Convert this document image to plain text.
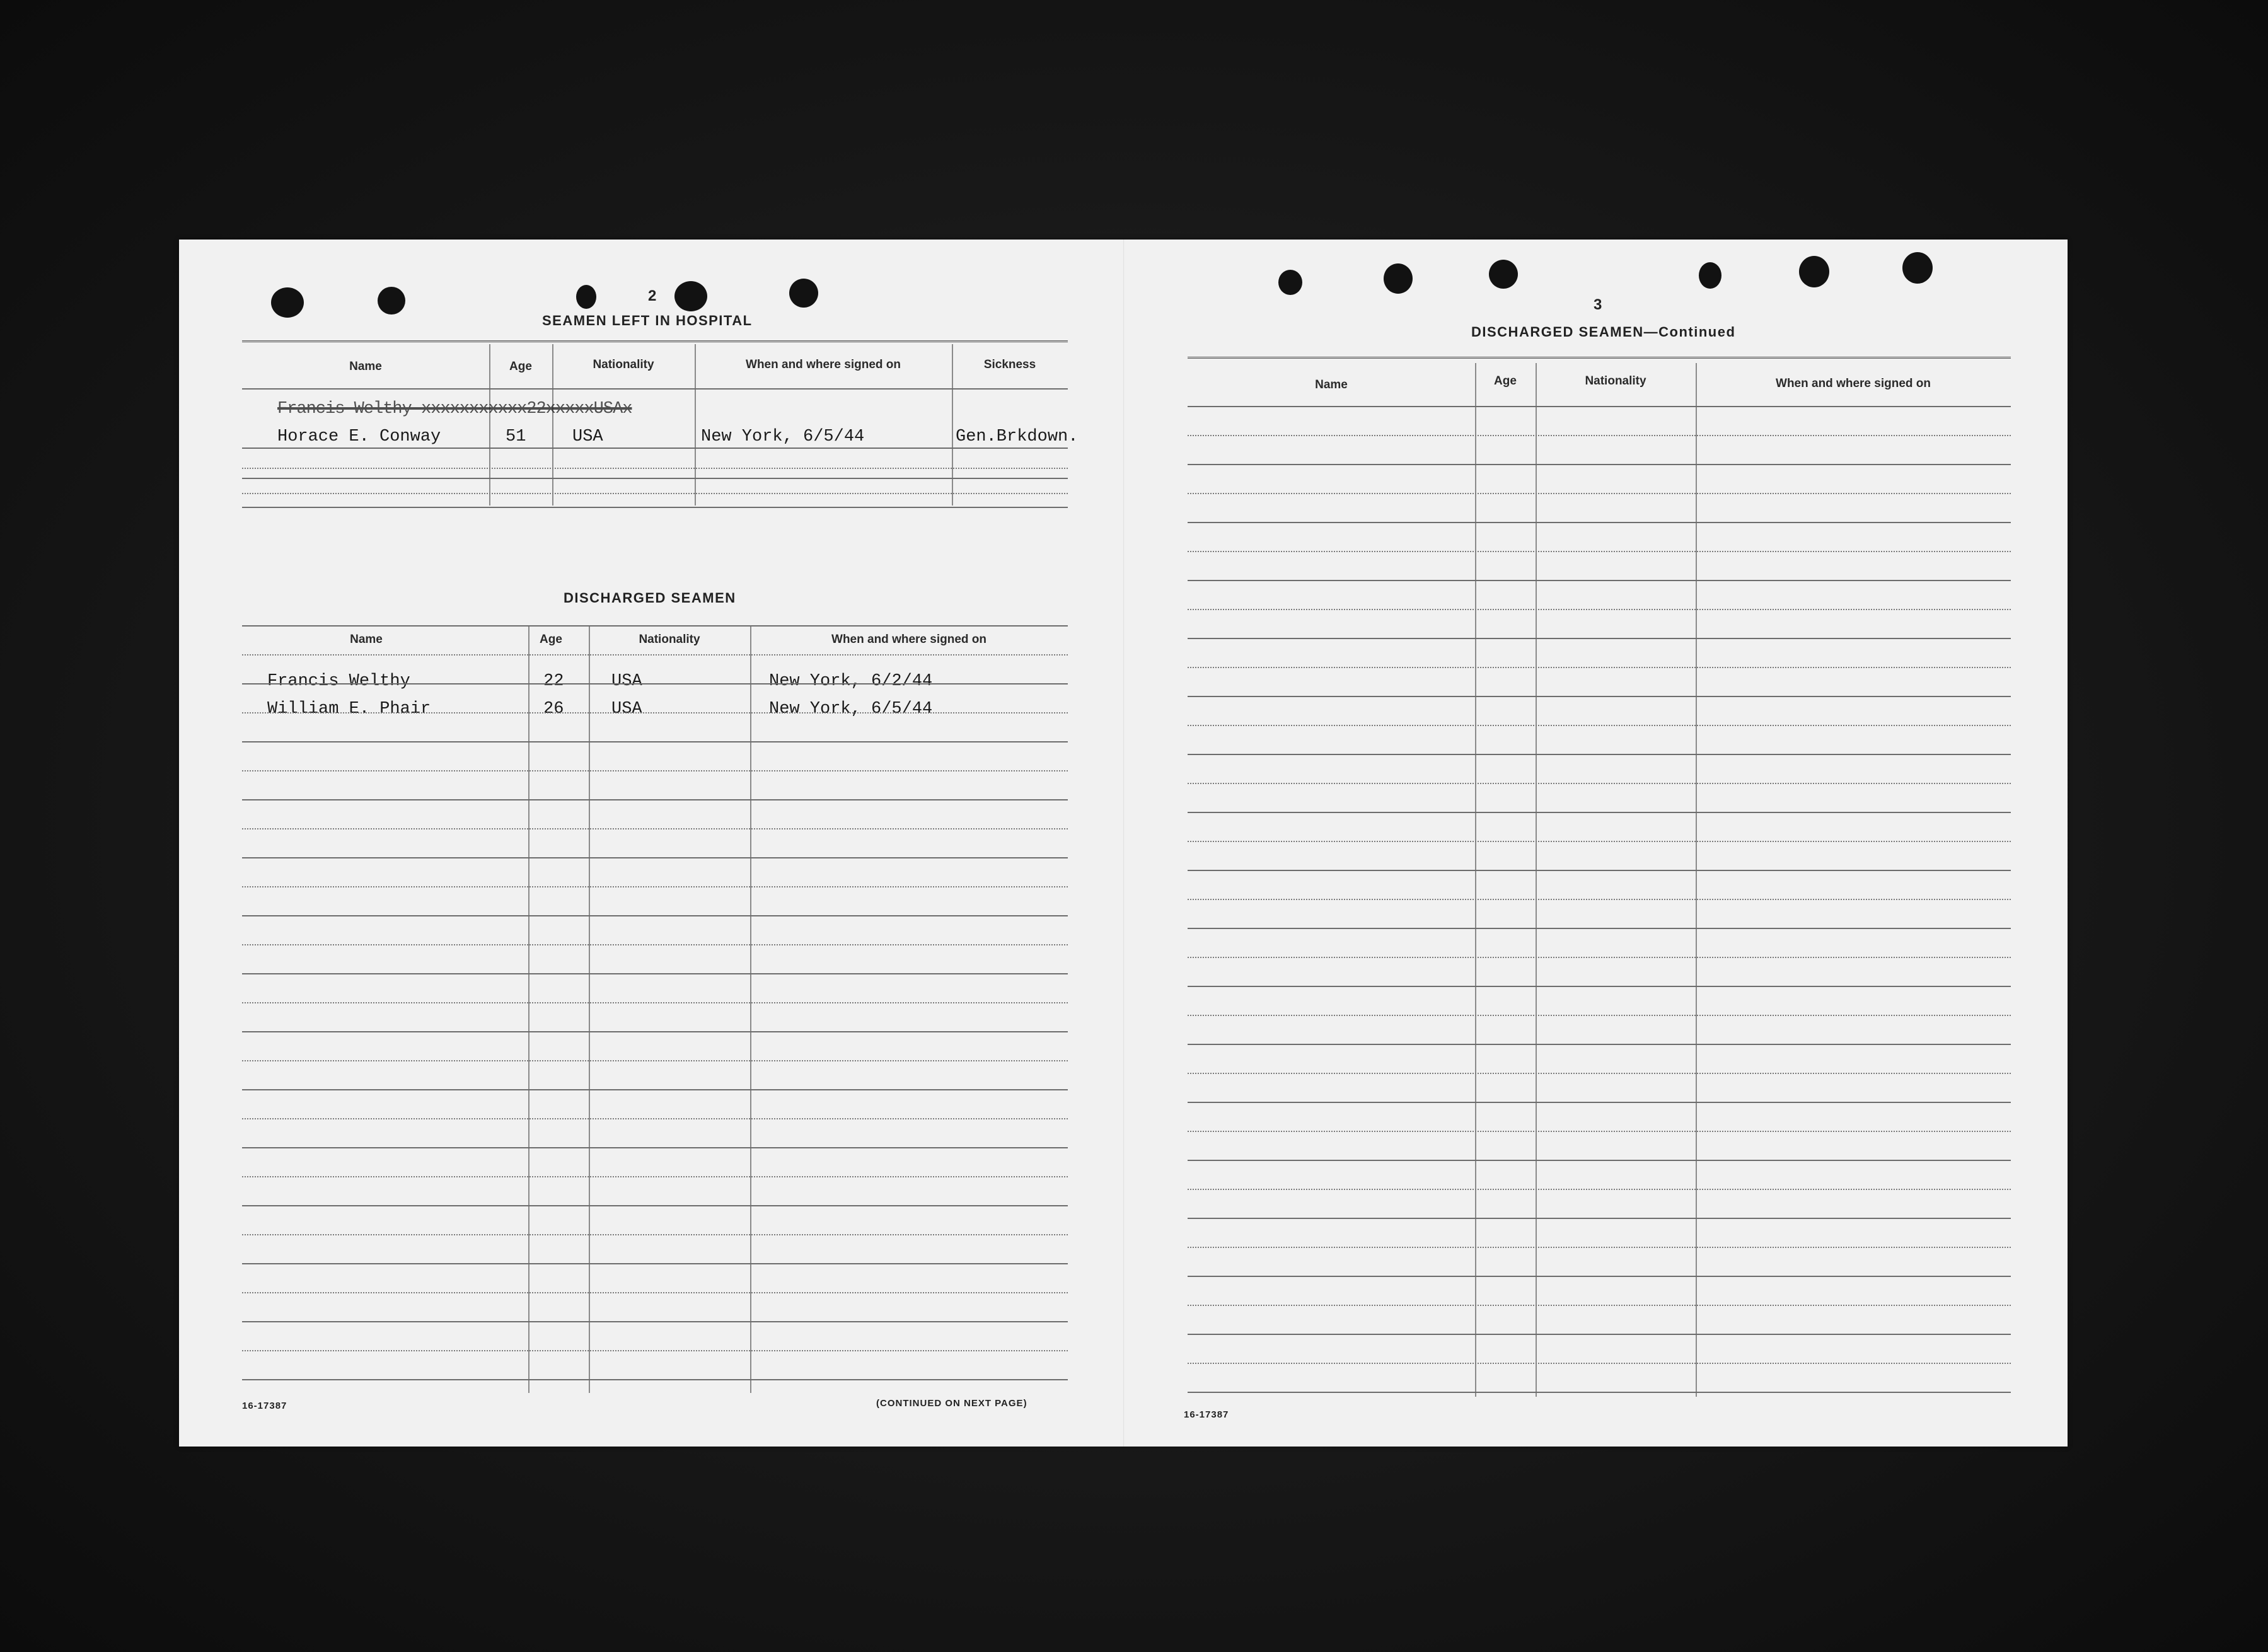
2
SEAMEN LEFT IN HOSPITAL
Name	Age	Nationality	When and where signed on	Sickness
Francis Welthy xxxxxxxxxxx22xxxxxUSAx
Horace E. Conway	51	USA	New York, 6/5/44	Gen.Brkdown.
DISCHARGED SEAMEN
Name	Age	Nationality	When and where signed on
Francis Welthy	22	USA	New York, 6/2/44
William E. Phair	26	USA	New York, 6/5/44
16-17387	(CONTINUED ON NEXT PAGE)
3
DISCHARGED SEAMEN—Continued
Name	Age	Nationality	When and where signed on
16-17387
